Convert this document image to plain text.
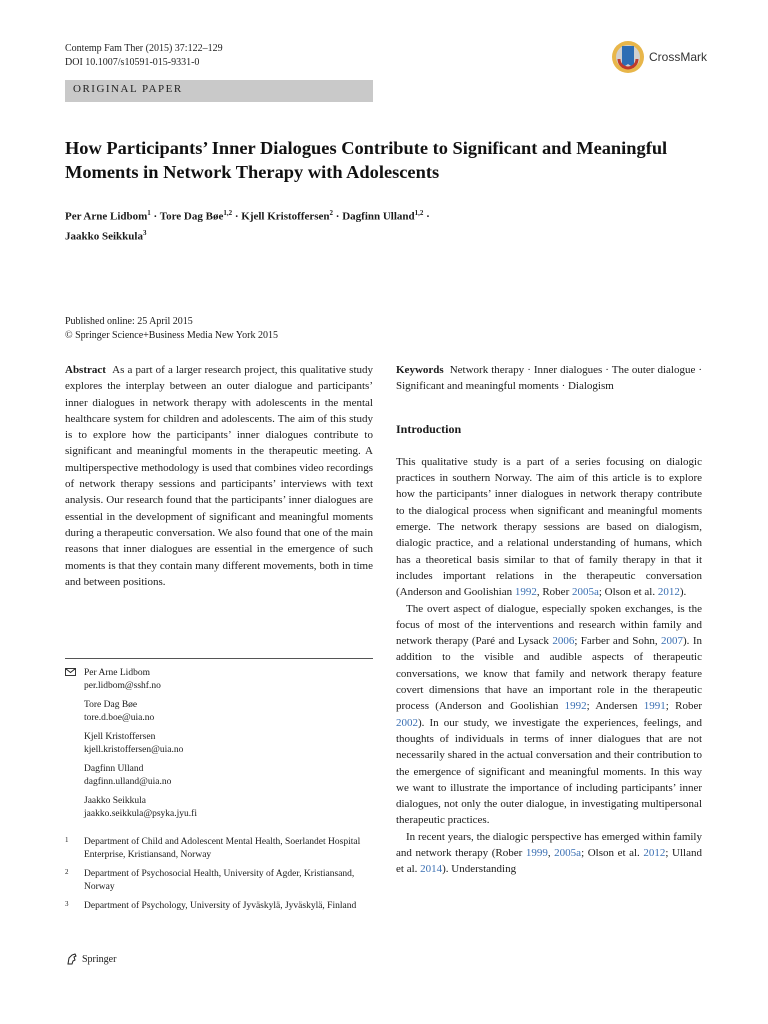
Contemp Fam Ther (2015) 37:122–129
DOI 10.1007/s10591-015-9331-0	CrossMark
ORIGINAL PAPER
How Participants’ Inner Dialogues Contribute to Significant and Meaningful Moments in Network Therapy with Adolescents
Per Arne Lidbom$^1$ · Tore Dag Bøe$^{1,2}$ · Kjell Kristoffersen$^2$ · Dagfinn Ulland$^{1,2}$ ·
Jaakko Seikkula$^3$
Published online: 25 April 2015
© Springer Science+Business Media New York 2015

Abstract As a part of a larger research project, this qualitative study explores the interplay between an outer dialogue and participants’ inner dialogues in network therapy with adolescents in the mental healthcare system for children and adolescents. The aim of this study is to explore how the participants’ inner dialogues contribute to significant and meaningful moments in the therapeutic meeting. A multiperspective methodology is used that combines video recordings of network therapy sessions and participants’ interviews with text analysis. Our research found that the participants’ inner dialogues are essential in the development of significant and meaningful moments during a therapeutic conversation. We also found that one of the main reasons that inner dialogues are essential in the emergence of such moments is that they contain many different movements, both in time and between positions.

Per Arne Lidbom
per.lidbom@sshf.no
Tore Dag Bøe
tore.d.boe@uia.no
Kjell Kristoffersen
kjell.kristoffersen@uia.no
Dagfinn Ulland
dagfinn.ulland@uia.no
Jaakko Seikkula
jaakko.seikkula@psyka.jyu.fi
1 Department of Child and Adolescent Mental Health, Soerlandet Hospital Enterprise, Kristiansand, Norway
2 Department of Psychosocial Health, University of Agder, Kristiansand, Norway
3 Department of Psychology, University of Jyväskylä, Jyväskylä, Finland
Springer

Keywords Network therapy · Inner dialogues · The outer dialogue · Significant and meaningful moments · Dialogism

Introduction

This qualitative study is a part of a series focusing on dialogic practices in southern Norway. The aim of this article is to explore how the participants’ inner dialogues in network therapy contribute to the dialogical process when significant and meaningful moments emerge. The network therapy sessions are based on dialogism, dialogic practice, and a relational understanding of humans, which has a theoretical basis similar to that of family therapy in that it includes important relations in the therapeutic conversation (Anderson and Goolishian 1992, Rober 2005a; Olson et al. 2012).

The overt aspect of dialogue, especially spoken exchanges, is the focus of most of the interventions and research within family and network therapy (Paré and Lysack 2006; Farber and Sohn, 2007). In addition to the visible and audible aspects of therapeutic conversations, we know that family and network therapy feature covert dimensions that have an important role in the therapeutic process (Anderson and Goolishian 1992; Andersen 1991; Rober 2002). In our study, we investigate the experiences, feelings, and thoughts of individuals in terms of inner dialogues that are not necessarily shared in the actual conversation and their contribution to the emergence of significant and meaningful moments. In this way we want to illustrate the importance of including participants’ inner dialogues, not only the outer dialogue, in investigating multipersonal therapeutic practices.

In recent years, the dialogic perspective has emerged within family and network therapy (Rober 1999, 2005a; Olson et al. 2012; Ulland et al. 2014). Understanding
